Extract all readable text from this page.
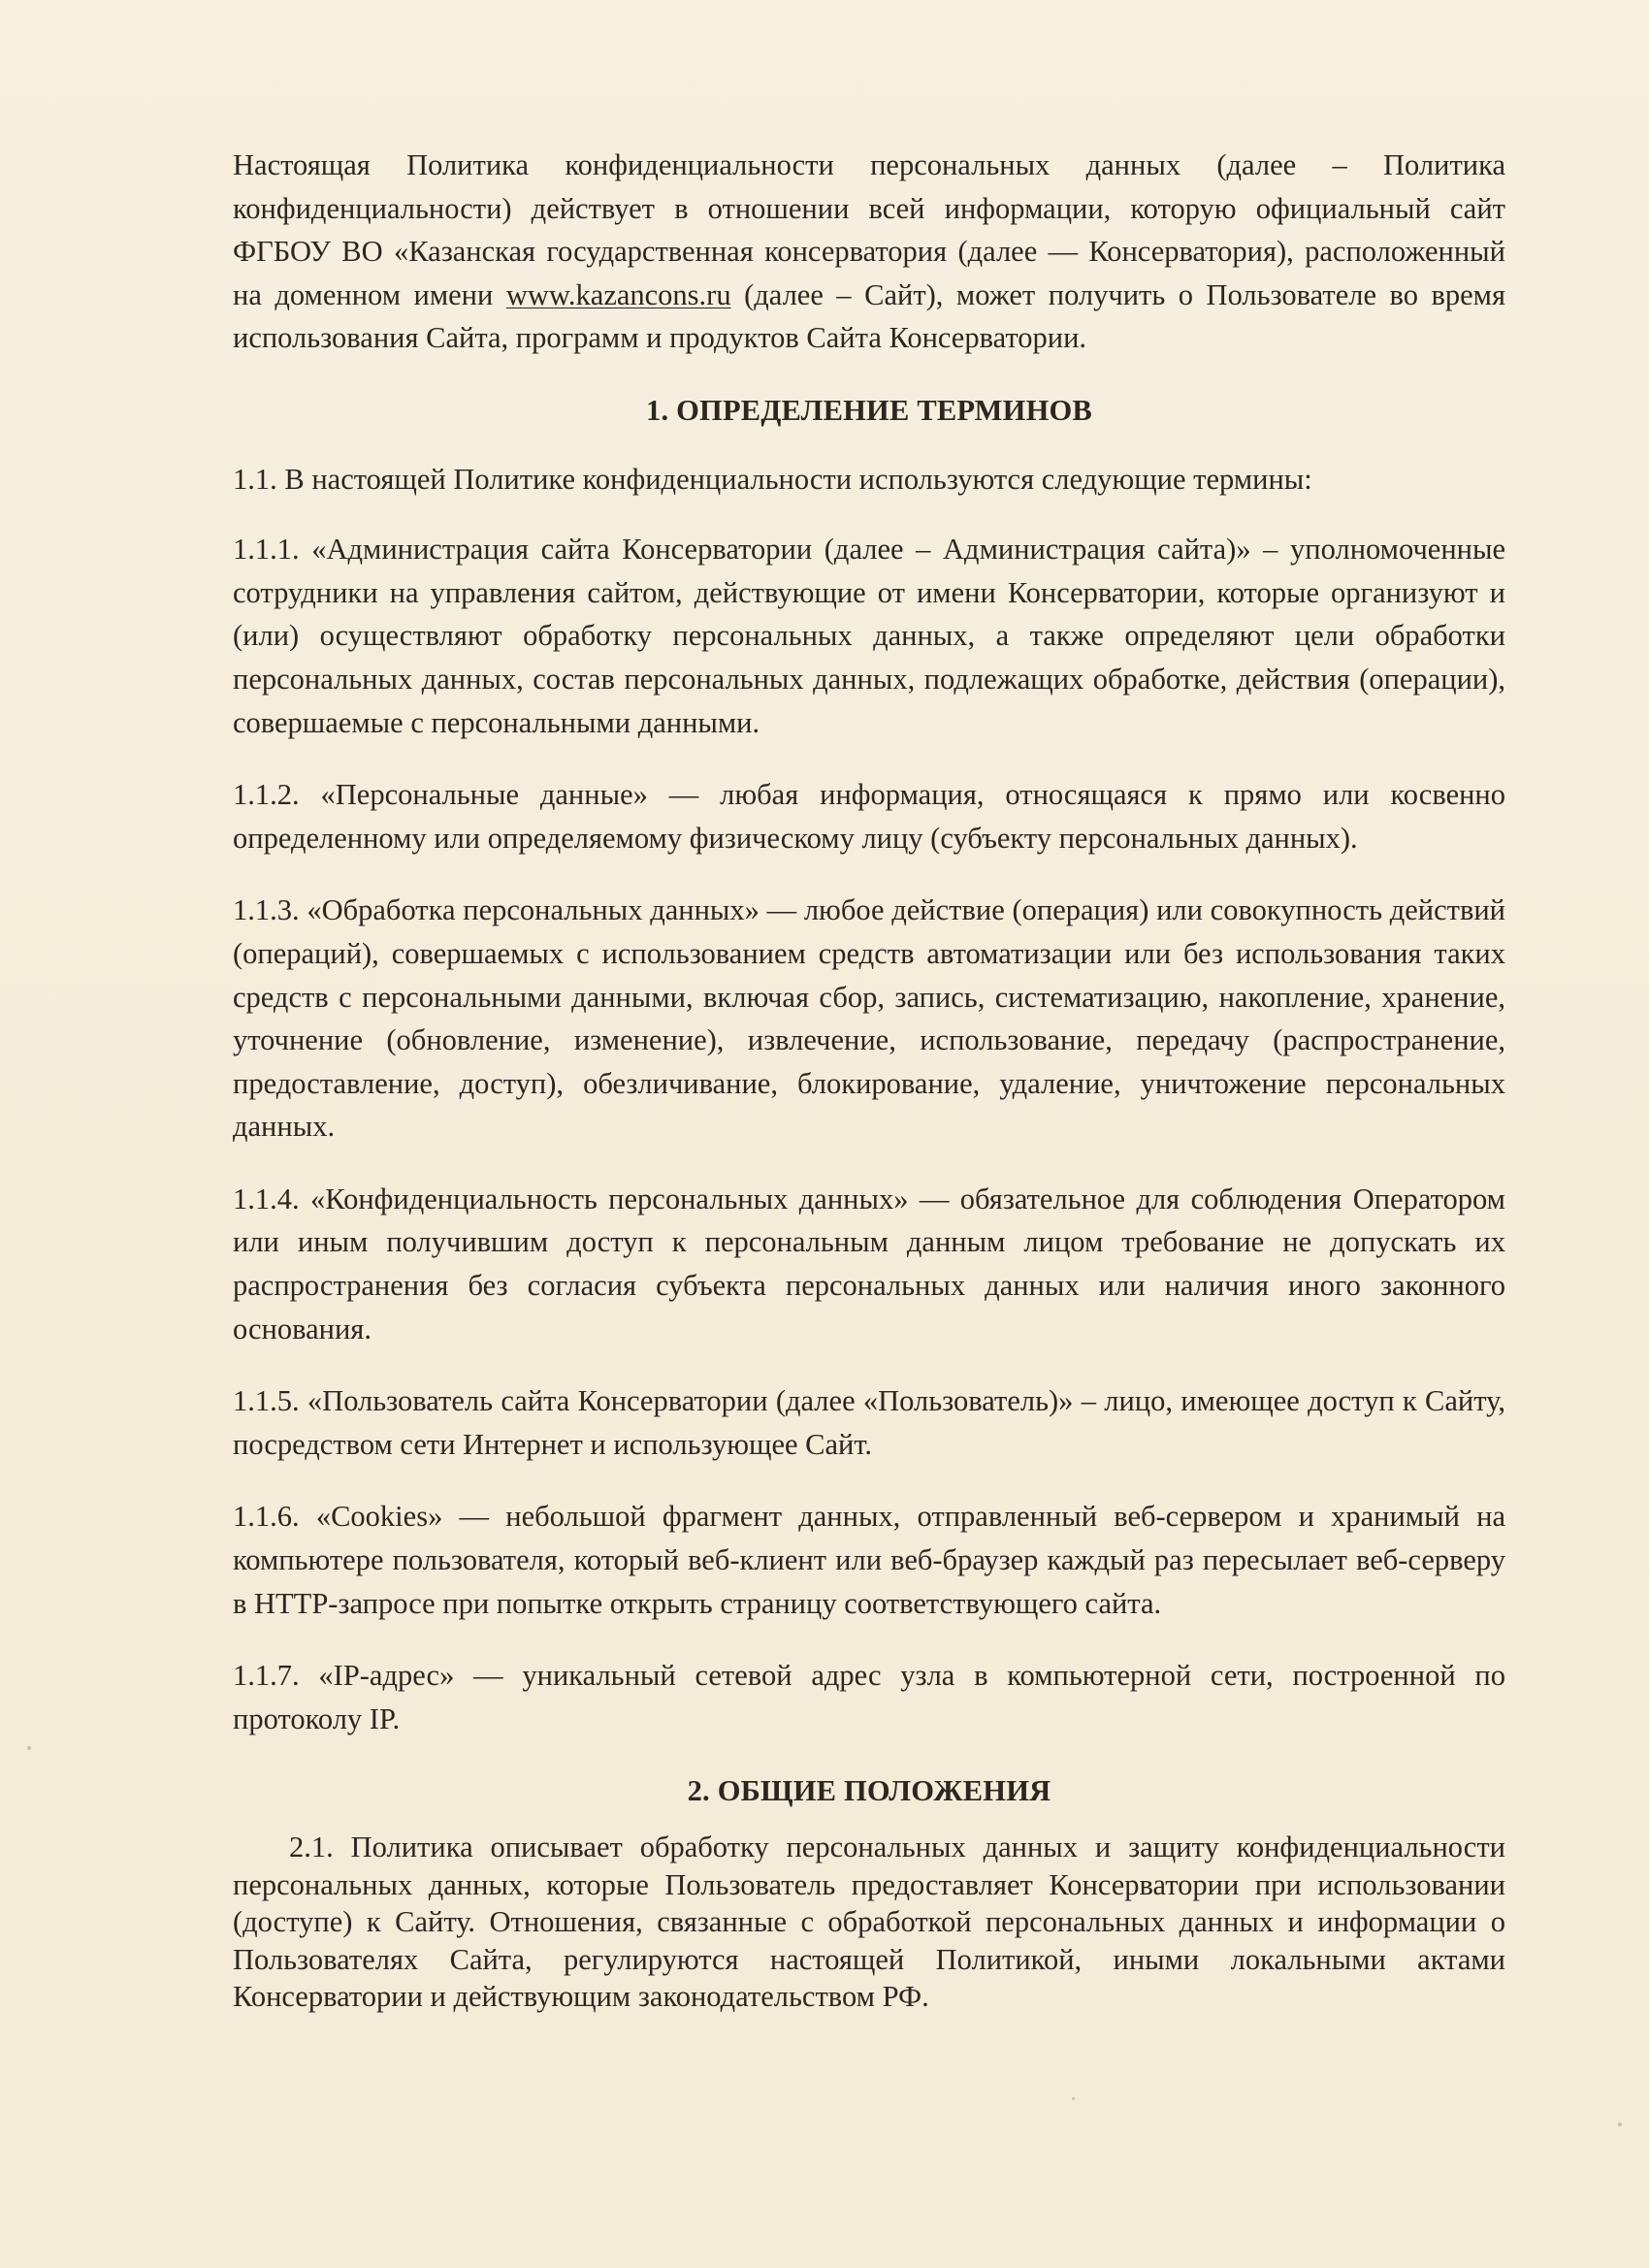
Настоящая Политика конфиденциальности персональных данных (далее – Политика конфиденциальности) действует в отношении всей информации, которую официальный сайт ФГБОУ ВО «Казанская государственная консерватория (далее — Консерватория), расположенный на доменном имени www.kazancons.ru (далее – Сайт), может получить о Пользователе во время использования Сайта, программ и продуктов Сайта Консерватории.

1. ОПРЕДЕЛЕНИЕ ТЕРМИНОВ

1.1. В настоящей Политике конфиденциальности используются следующие термины:

1.1.1. «Администрация сайта Консерватории (далее – Администрация сайта)» – уполномоченные сотрудники на управления сайтом, действующие от имени Консерватории, которые организуют и (или) осуществляют обработку персональных данных, а также определяют цели обработки персональных данных, состав персональных данных, подлежащих обработке, действия (операции), совершаемые с персональными данными.

1.1.2. «Персональные данные» — любая информация, относящаяся к прямо или косвенно определенному или определяемому физическому лицу (субъекту персональных данных).

1.1.3. «Обработка персональных данных» — любое действие (операция) или совокупность действий (операций), совершаемых с использованием средств автоматизации или без использования таких средств с персональными данными, включая сбор, запись, систематизацию, накопление, хранение, уточнение (обновление, изменение), извлечение, использование, передачу (распространение, предоставление, доступ), обезличивание, блокирование, удаление, уничтожение персональных данных.

1.1.4. «Конфиденциальность персональных данных» — обязательное для соблюдения Оператором или иным получившим доступ к персональным данным лицом требование не допускать их распространения без согласия субъекта персональных данных или наличия иного законного основания.

1.1.5. «Пользователь сайта Консерватории (далее «Пользователь)» – лицо, имеющее доступ к Сайту, посредством сети Интернет и использующее Сайт.

1.1.6. «Cookies» — небольшой фрагмент данных, отправленный веб-сервером и хранимый на компьютере пользователя, который веб-клиент или веб-браузер каждый раз пересылает веб-серверу в HTTP-запросе при попытке открыть страницу соответствующего сайта.

1.1.7. «IP-адрес» — уникальный сетевой адрес узла в компьютерной сети, построенной по протоколу IP.

2. ОБЩИЕ ПОЛОЖЕНИЯ

2.1. Политика описывает обработку персональных данных и защиту конфиденциальности персональных данных, которые Пользователь предоставляет Консерватории при использовании (доступе) к Сайту. Отношения, связанные с обработкой персональных данных и информации о Пользователях Сайта, регулируются настоящей Политикой, иными локальными актами Консерватории и действующим законодательством РФ.
